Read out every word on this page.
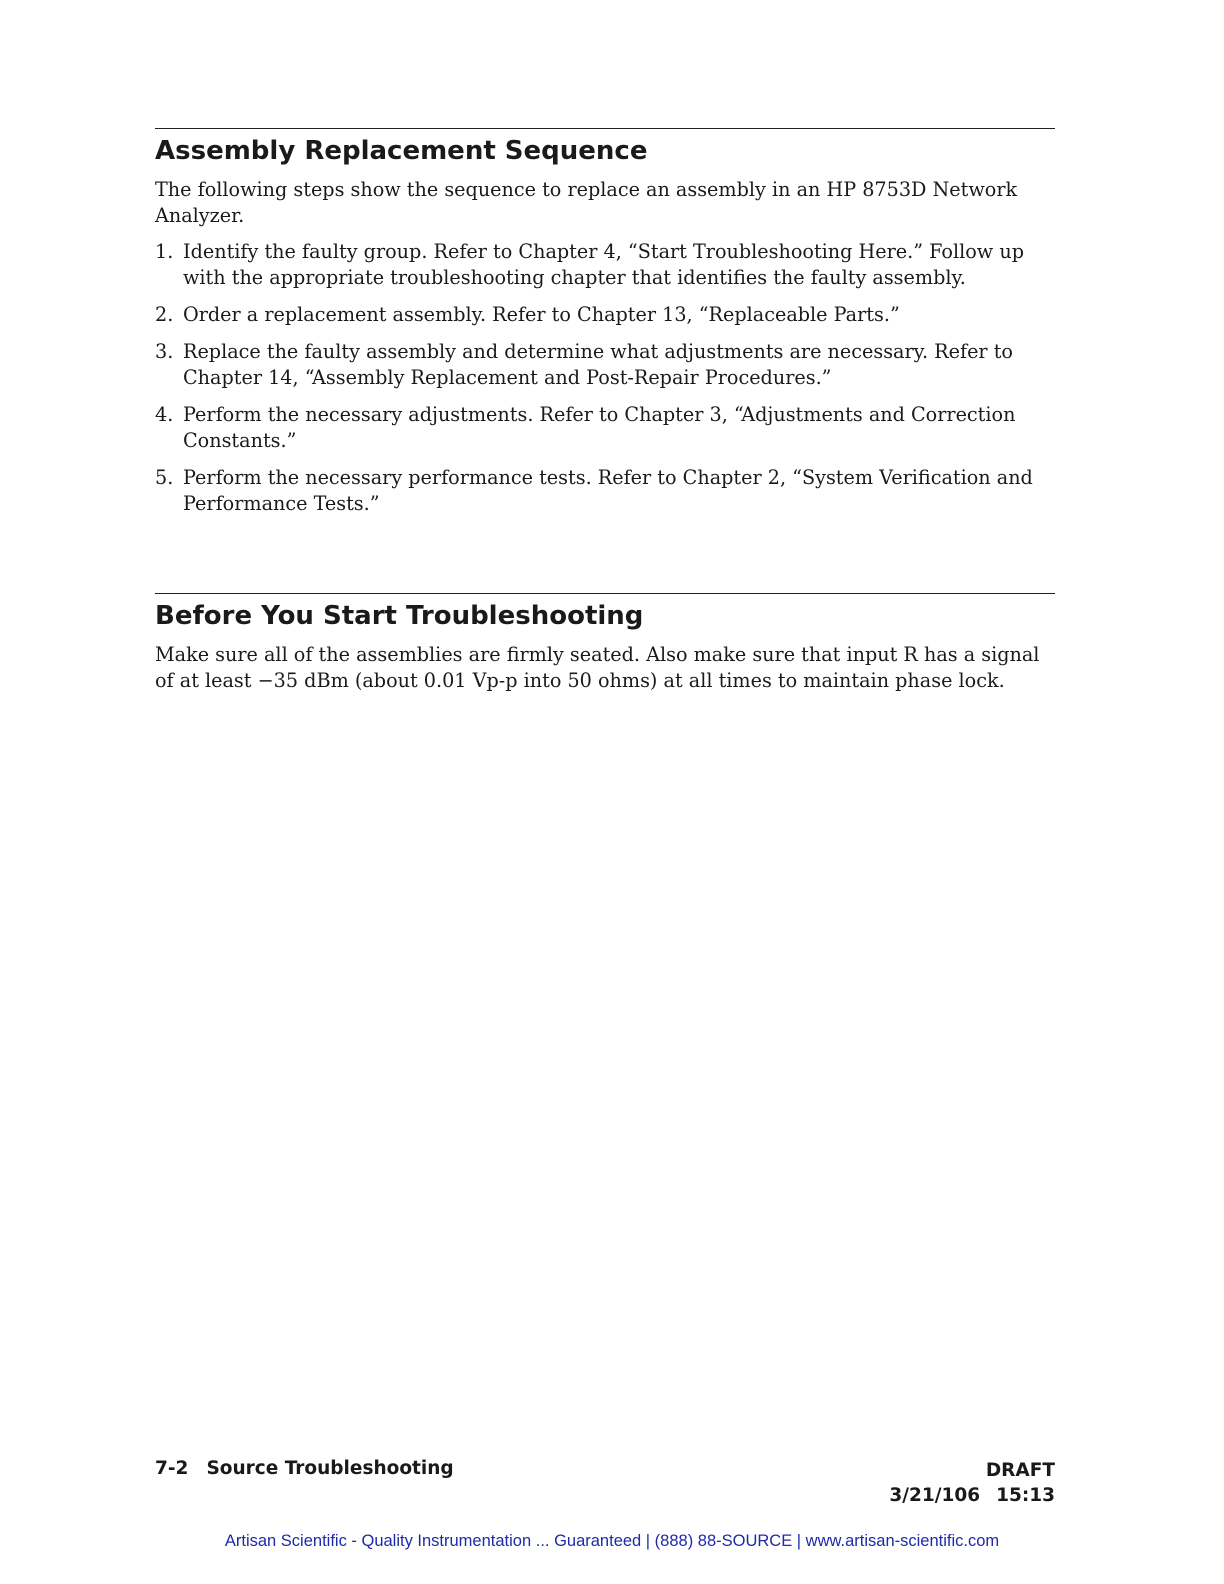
Assembly Replacement Sequence

The following steps show the sequence to replace an assembly in an HP 8753D Network Analyzer.

1. Identify the faulty group. Refer to Chapter 4, “Start Troubleshooting Here.” Follow up with the appropriate troubleshooting chapter that identifies the faulty assembly.
2. Order a replacement assembly. Refer to Chapter 13, “Replaceable Parts.”
3. Replace the faulty assembly and determine what adjustments are necessary. Refer to Chapter 14, “Assembly Replacement and Post-Repair Procedures.”
4. Perform the necessary adjustments. Refer to Chapter 3, “Adjustments and Correction Constants.”
5. Perform the necessary performance tests. Refer to Chapter 2, “System Verification and Performance Tests.”
Before You Start Troubleshooting

Make sure all of the assemblies are firmly seated. Also make sure that input R has a signal of at least −35 dBm (about 0.01 Vp-p into 50 ohms) at all times to maintain phase lock.

7-2 Source Troubleshooting	DRAFT
3/21/106 15:13
Artisan Scientific - Quality Instrumentation ... Guaranteed | (888) 88-SOURCE | www.artisan-scientific.com
